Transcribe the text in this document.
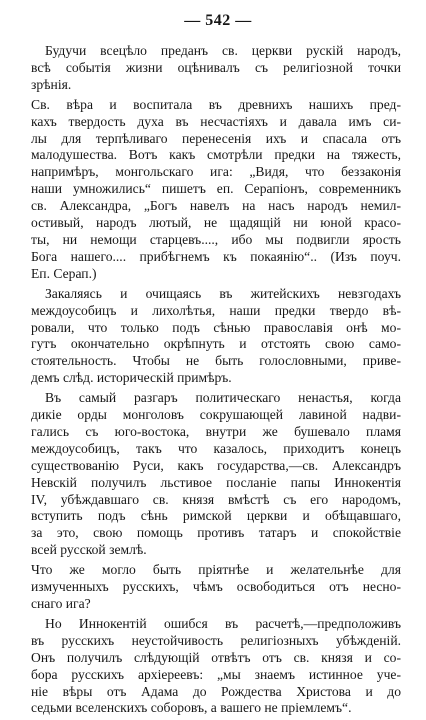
— 542 —
Будучи всецѣло преданъ св. церкви рускій народъ,
всѣ событія жизни оцѣнивалъ съ религіозной точки
зрѣнія.
Св. вѣра и воспитала въ древнихъ нашихъ пред-
кахъ твердость духа въ несчастіяхъ и давала имъ си-
лы для терпѣливаго перенесенія ихъ и спасала отъ
малодушества. Вотъ какъ смотрѣли предки на тяжесть,
напримѣръ, монгольскаго ига: „Видя, что беззаконія
наши умножились“ пишетъ еп. Серапіонъ, современникъ
св. Александра, „Богъ навелъ на насъ народъ немил-
остивый, народъ лютый, не щадящій ни юной красо-
ты, ни немощи старцевъ...., ибо мы подвигли ярость
Бога нашего.... прибѣгнемъ къ покаянію“.. (Изъ поуч.
Еп. Серап.)
Закаляясь и очищаясь въ житейскихъ невзгодахъ
междоусобицъ и лихолѣтья, наши предки твердо вѣ-
ровали, что только подъ сѣнью православія онѣ мо-
гутъ окончательно окрѣпнуть и отстоять свою само-
стоятельность. Чтобы не быть голословными, приве-
демъ слѣд. историческій примѣръ.
Въ самый разгаръ политическаго ненастья, когда
дикіе орды монголовъ сокрушающей лавиной надви-
гались съ юго-востока, внутри же бушевало пламя
междоусобицъ, такъ что казалось, приходитъ конецъ
существованію Руси, какъ государства,—св. Александръ
Невскій получилъ льстивое посланіе папы Иннокентія
IV, убѣждавшаго св. князя вмѣстѣ съ его народомъ,
вступить подъ сѣнь римской церкви и обѣщавшаго,
за это, свою помощь противъ татаръ и спокойствіе
всей русской землѣ.
Что же могло быть пріятнѣе и желательнѣе для
измученныхъ русскихъ, чѣмъ освободиться отъ несно-
снаго ига?
Но Иннокентій ошибся въ расчетѣ,—предположивъ
въ русскихъ неустойчивость религіозныхъ убѣжденій.
Онъ получилъ слѣдующій отвѣтъ отъ св. князя и со-
бора русскихъ архіереевъ: „мы знаемъ истинное уче-
ніе вѣры отъ Адама до Рождества Христова и до
седьми вселенскихъ соборовъ, а вашего не пріемлемъ“.
